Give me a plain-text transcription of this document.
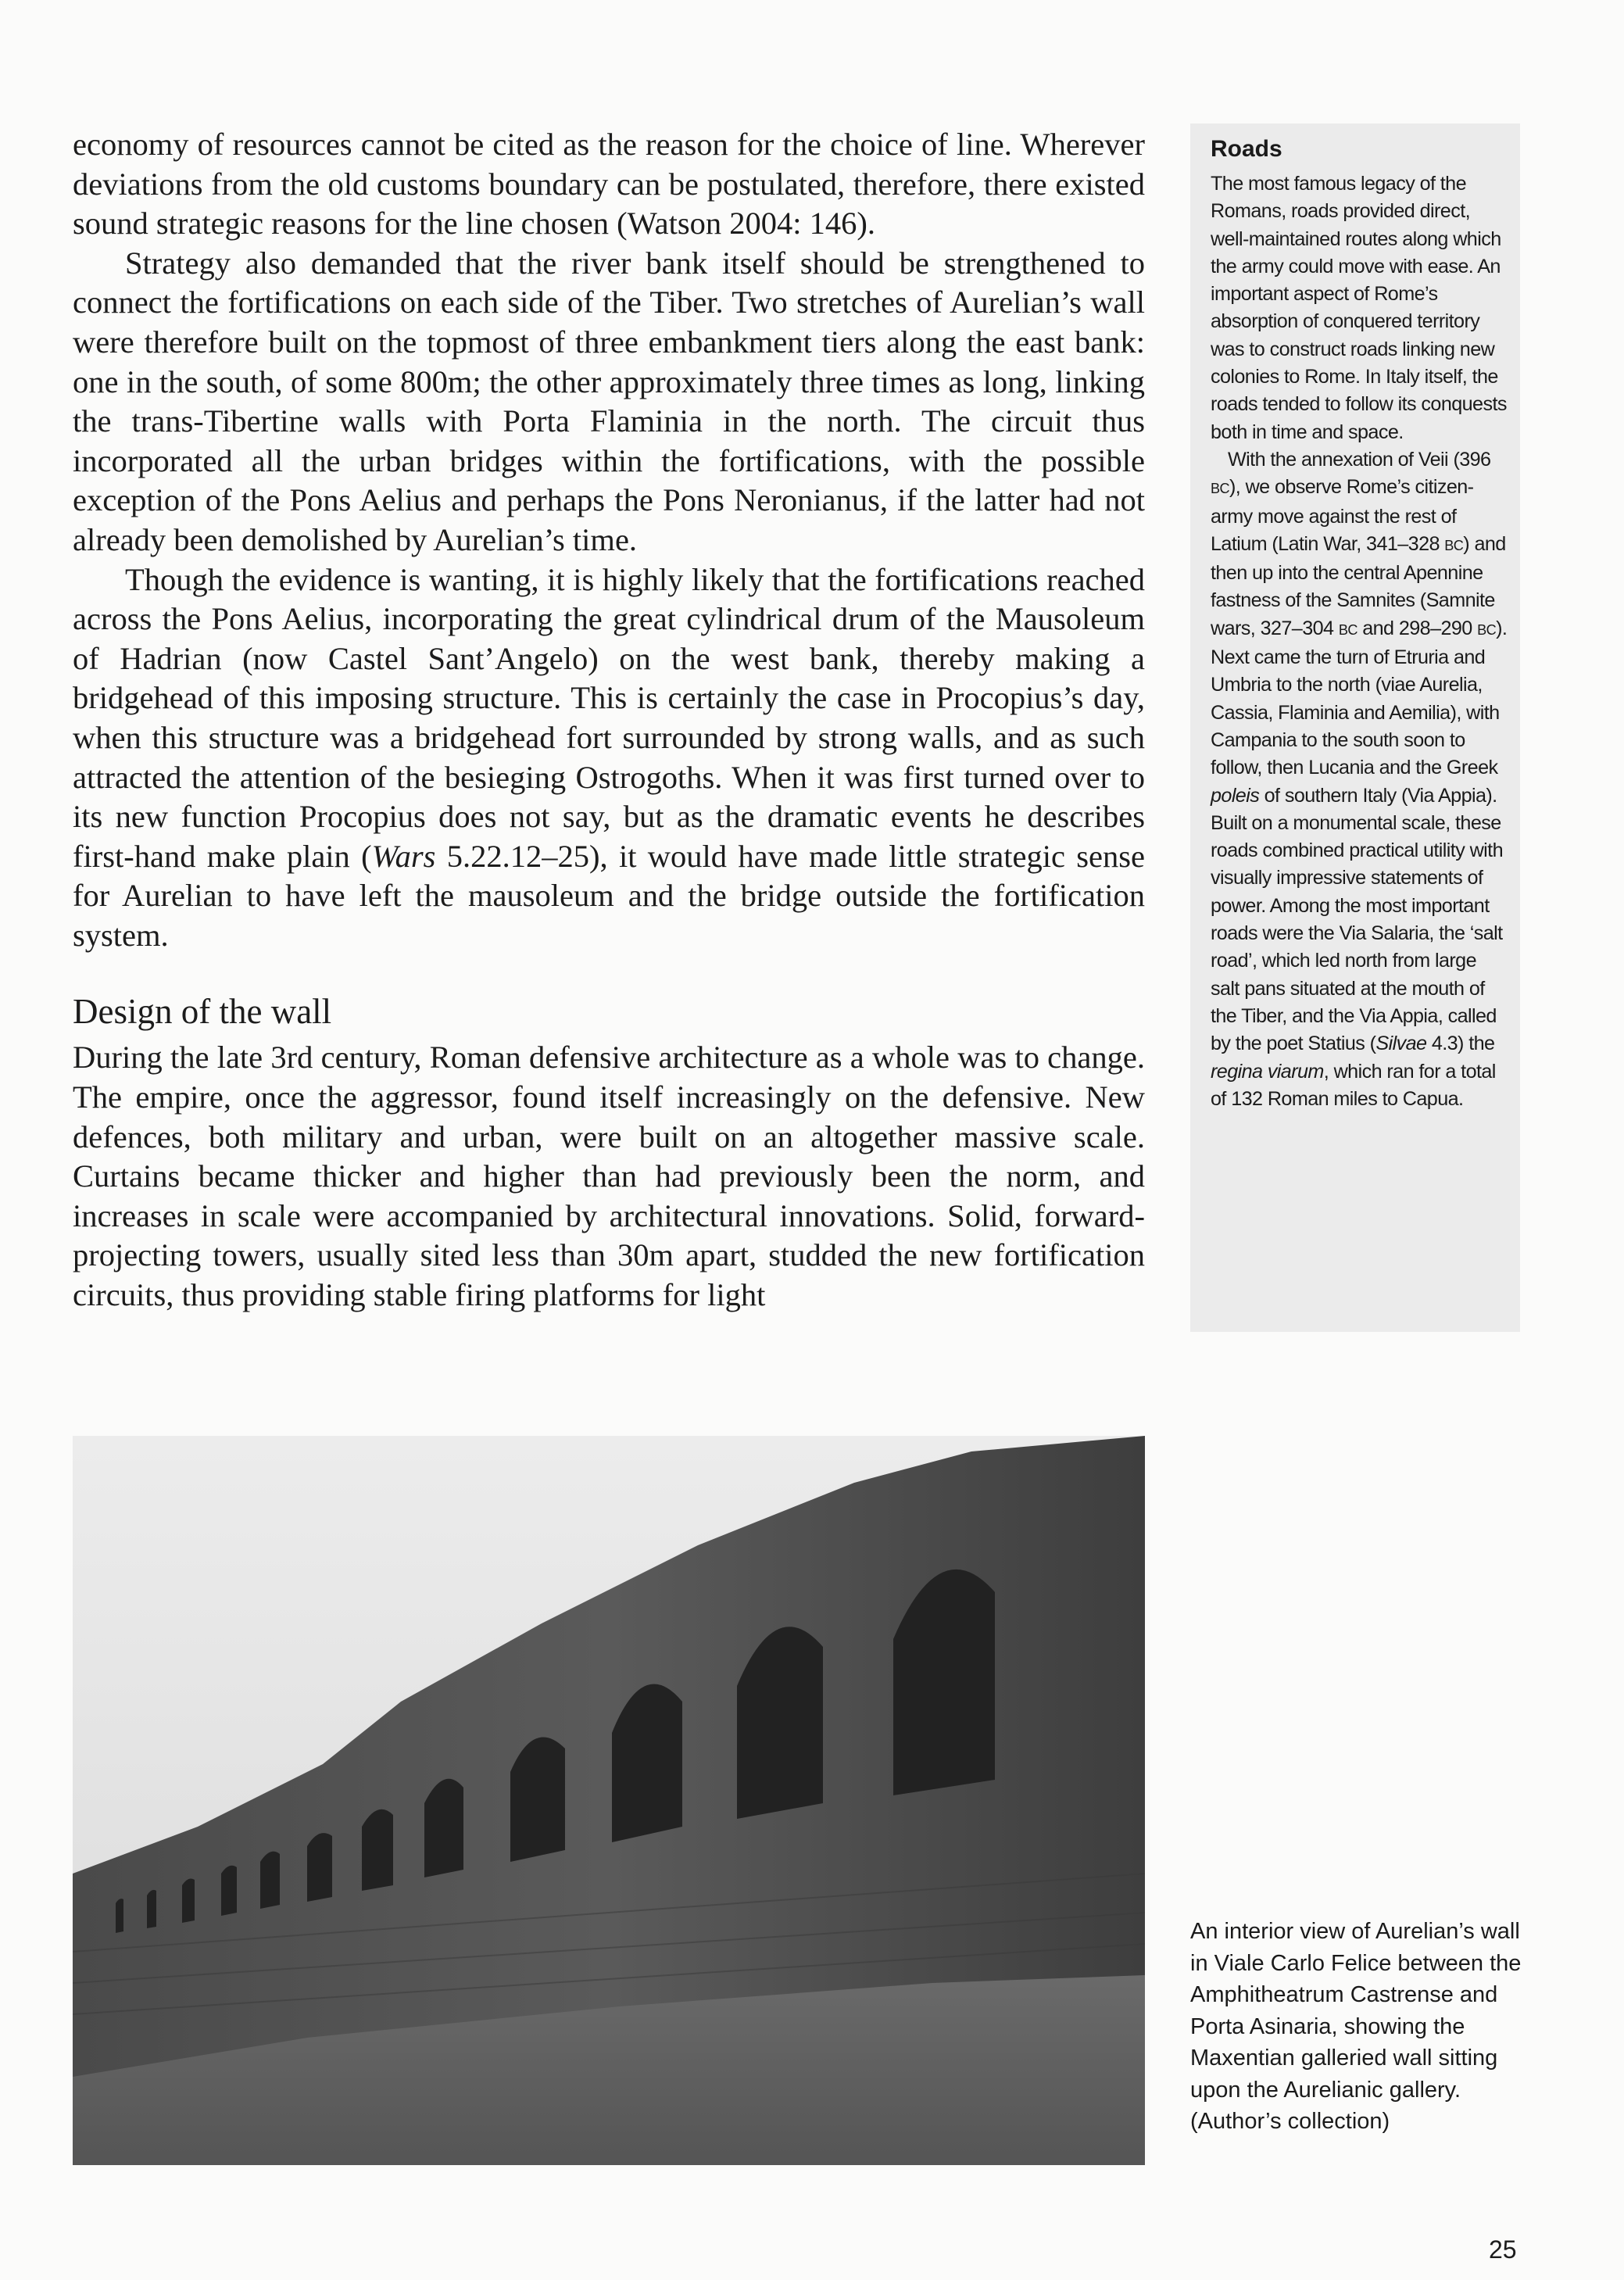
economy of resources cannot be cited as the reason for the choice of line. Wherever deviations from the old customs boundary can be postulated, therefore, there existed sound strategic reasons for the line chosen (Watson 2004: 146).

Strategy also demanded that the river bank itself should be strengthened to connect the fortifications on each side of the Tiber. Two stretches of Aurelian’s wall were therefore built on the topmost of three embankment tiers along the east bank: one in the south, of some 800m; the other approximately three times as long, linking the trans-Tibertine walls with Porta Flaminia in the north. The circuit thus incorporated all the urban bridges within the fortifications, with the possible exception of the Pons Aelius and perhaps the Pons Neronianus, if the latter had not already been demolished by Aurelian’s time.

Though the evidence is wanting, it is highly likely that the fortifications reached across the Pons Aelius, incorporating the great cylindrical drum of the Mausoleum of Hadrian (now Castel Sant’Angelo) on the west bank, thereby making a bridgehead of this imposing structure. This is certainly the case in Procopius’s day, when this structure was a bridgehead fort surrounded by strong walls, and as such attracted the attention of the besieging Ostrogoths. When it was first turned over to its new function Procopius does not say, but as the dramatic events he describes first-hand make plain (Wars 5.22.12–25), it would have made little strategic sense for Aurelian to have left the mausoleum and the bridge outside the fortification system.

Design of the wall

During the late 3rd century, Roman defensive architecture as a whole was to change. The empire, once the aggressor, found itself increasingly on the defensive. New defences, both military and urban, were built on an altogether massive scale. Curtains became thicker and higher than had previously been the norm, and increases in scale were accompanied by architectural innovations. Solid, forward-projecting towers, usually sited less than 30m apart, studded the new fortification circuits, thus providing stable firing platforms for light

Roads

The most famous legacy of the Romans, roads provided direct, well-maintained routes along which the army could move with ease. An important aspect of Rome’s absorption of conquered territory was to construct roads linking new colonies to Rome. In Italy itself, the roads tended to follow its conquests both in time and space.

With the annexation of Veii (396 BC), we observe Rome’s citizen-army move against the rest of Latium (Latin War, 341–328 BC) and then up into the central Apennine fastness of the Samnites (Samnite wars, 327–304 BC and 298–290 BC). Next came the turn of Etruria and Umbria to the north (viae Aurelia, Cassia, Flaminia and Aemilia), with Campania to the south soon to follow, then Lucania and the Greek poleis of southern Italy (Via Appia). Built on a monumental scale, these roads combined practical utility with visually impressive statements of power. Among the most important roads were the Via Salaria, the ‘salt road’, which led north from large salt pans situated at the mouth of the Tiber, and the Via Appia, called by the poet Statius (Silvae 4.3) the regina viarum, which ran for a total of 132 Roman miles to Capua.

An interior view of Aurelian’s wall in Viale Carlo Felice between the Amphitheatrum Castrense and Porta Asinaria, showing the Maxentian galleried wall sitting upon the Aurelianic gallery. (Author’s collection)
25
